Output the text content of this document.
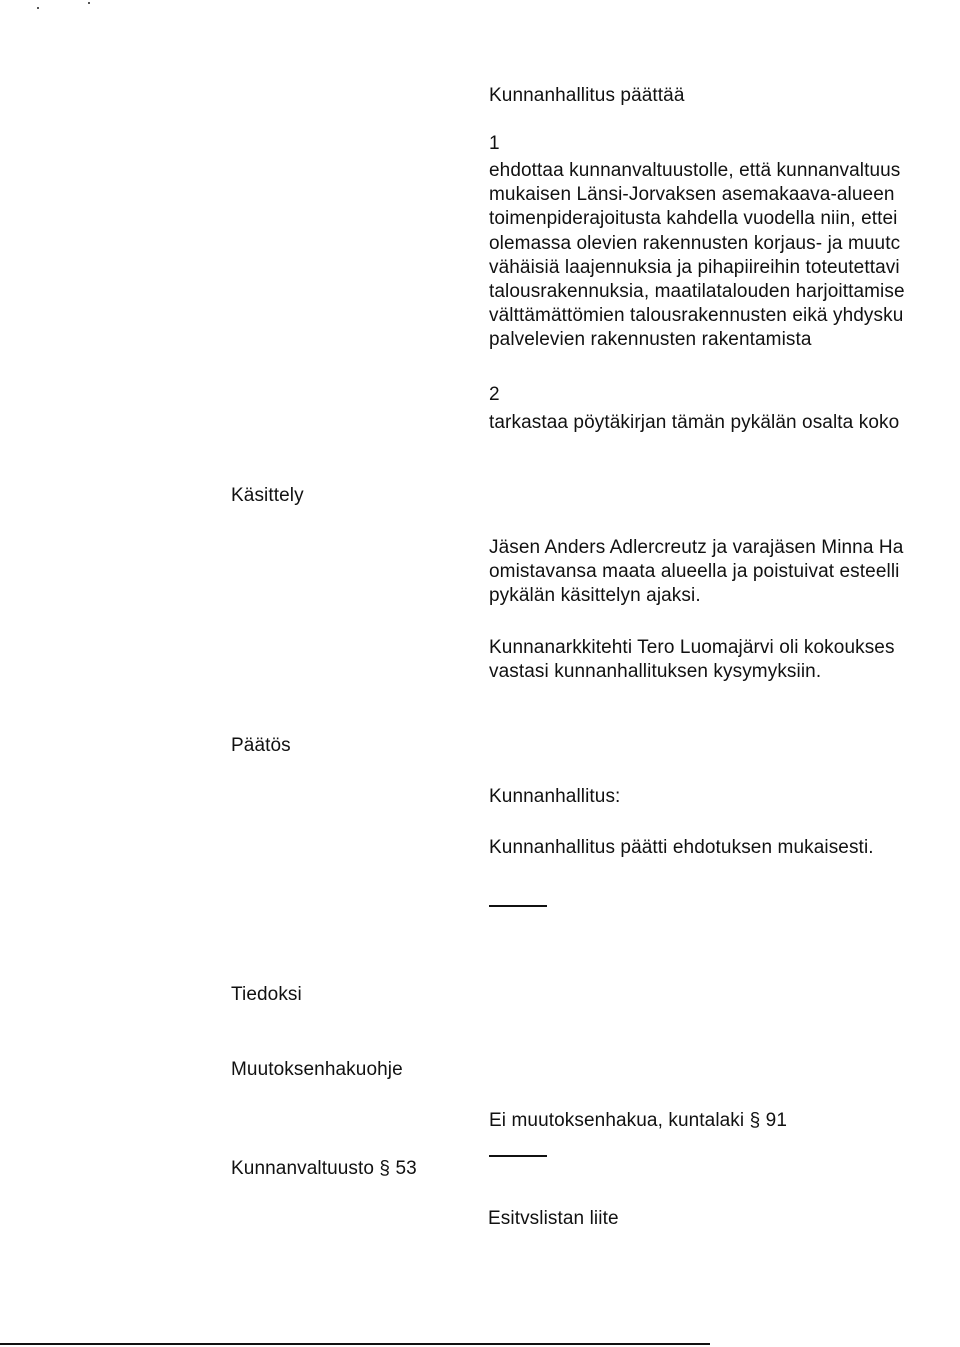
Kunnanhallitus päättää
1
ehdottaa kunnanvaltuustolle, että kunnanvaltuus
mukaisen Länsi-Jorvaksen asemakaava-alueen
toimenpiderajoitusta kahdella vuodella niin, ettei
olemassa olevien rakennusten korjaus- ja muutc
vähäisiä laajennuksia ja pihapiireihin toteutettavi
talousrakennuksia, maatilatalouden harjoittamise
välttämättömien talousrakennusten eikä yhdysku
palvelevien rakennusten rakentamista
2
tarkastaa pöytäkirjan tämän pykälän osalta koko
Käsittely
Jäsen Anders Adlercreutz ja varajäsen Minna Ha
omistavansa maata alueella ja poistuivat esteelli
pykälän käsittelyn ajaksi.
Kunnanarkkitehti Tero Luomajärvi oli kokoukses
vastasi kunnanhallituksen kysymyksiin.
Päätös
Kunnanhallitus:
Kunnanhallitus päätti ehdotuksen mukaisesti.
Tiedoksi
Muutoksenhakuohje
Ei muutoksenhakua, kuntalaki § 91
Kunnanvaltuusto § 53
Esitvslistan liite
